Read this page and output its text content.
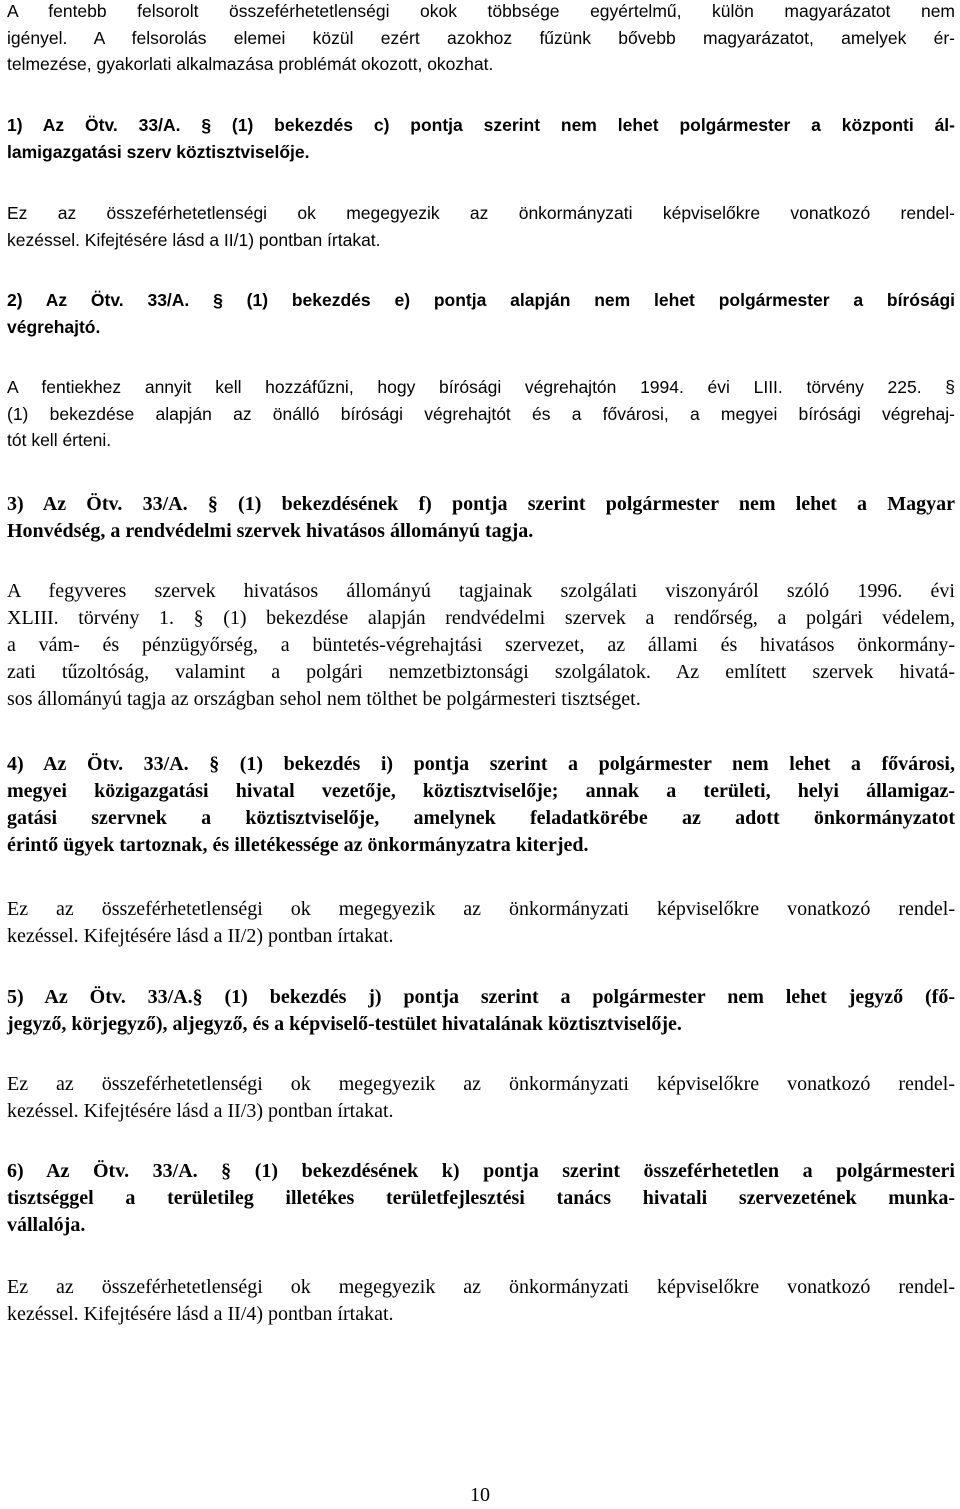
A fentebb felsorolt összeférhetetlenségi okok többsége egyértelmű, külön magyarázatot nem
igényel. A felsorolás elemei közül ezért azokhoz fűzünk bővebb magyarázatot, amelyek ér-
telmezése, gyakorlati alkalmazása problémát okozott, okozhat.

1) Az Ötv. 33/A. § (1) bekezdés c) pontja szerint nem lehet polgármester a központi ál-
lamigazgatási szerv köztisztviselője.

Ez az összeférhetetlenségi ok megegyezik az önkormányzati képviselőkre vonatkozó rendel-
kezéssel. Kifejtésére lásd a II/1) pontban írtakat.

2) Az Ötv. 33/A. § (1) bekezdés e) pontja alapján nem lehet polgármester a bírósági
végrehajtó.

A fentiekhez annyit kell hozzáfűzni, hogy bírósági végrehajtón 1994. évi LIII. törvény 225. §
(1) bekezdése alapján az önálló bírósági végrehajtót és a fővárosi, a megyei bírósági végrehaj-
tót kell érteni.

3) Az Ötv. 33/A. § (1) bekezdésének f) pontja szerint polgármester nem lehet a Magyar
Honvédség, a rendvédelmi szervek hivatásos állományú tagja.

A fegyveres szervek hivatásos állományú tagjainak szolgálati viszonyáról szóló 1996. évi
XLIII. törvény 1. § (1) bekezdése alapján rendvédelmi szervek a rendőrség, a polgári védelem,
a vám- és pénzügyőrség, a büntetés-végrehajtási szervezet, az állami és hivatásos önkormány-
zati tűzoltóság, valamint a polgári nemzetbiztonsági szolgálatok. Az említett szervek hivatá-
sos állományú tagja az országban sehol nem tölthet be polgármesteri tisztséget.

4) Az Ötv. 33/A. § (1) bekezdés i) pontja szerint a polgármester nem lehet a fővárosi,
megyei közigazgatási hivatal vezetője, köztisztviselője; annak a területi, helyi államigaz-
gatási szervnek a köztisztviselője, amelynek feladatkörébe az adott önkormányzatot
érintő ügyek tartoznak, és illetékessége az önkormányzatra kiterjed.

Ez az összeférhetetlenségi ok megegyezik az önkormányzati képviselőkre vonatkozó rendel-
kezéssel. Kifejtésére lásd a II/2) pontban írtakat.

5) Az Ötv. 33/A.§ (1) bekezdés j) pontja szerint a polgármester nem lehet jegyző (fő-
jegyző, körjegyző), aljegyző, és a képviselő-testület hivatalának köztisztviselője.

Ez az összeférhetetlenségi ok megegyezik az önkormányzati képviselőkre vonatkozó rendel-
kezéssel. Kifejtésére lásd a II/3) pontban írtakat.

6) Az Ötv. 33/A. § (1) bekezdésének k) pontja szerint összeférhetetlen a polgármesteri
tisztséggel a területileg illetékes területfejlesztési tanács hivatali szervezetének munka-
vállalója.

Ez az összeférhetetlenségi ok megegyezik az önkormányzati képviselőkre vonatkozó rendel-
kezéssel. Kifejtésére lásd a II/4) pontban írtakat.

10
